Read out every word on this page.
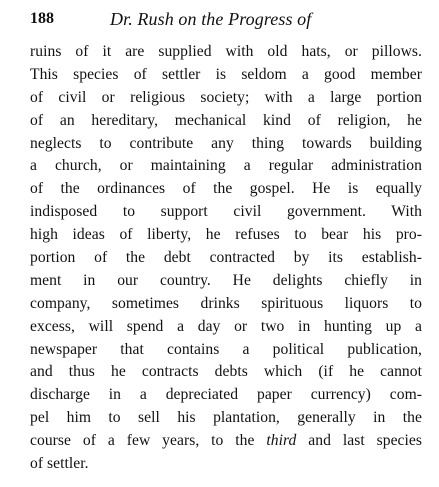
188	Dr. Rush on the Progress of
ruins of it are supplied with old hats, or pillows.
This species of settler is seldom a good member
of civil or religious society; with a large portion
of an hereditary, mechanical kind of religion, he
neglects to contribute any thing towards building
a church, or maintaining a regular administration
of the ordinances of the gospel. He is equally
indisposed to support civil government. With
high ideas of liberty, he refuses to bear his pro-
portion of the debt contracted by its establish-
ment in our country. He delights chiefly in
company, sometimes drinks spirituous liquors to
excess, will spend a day or two in hunting up a
newspaper that contains a political publication,
and thus he contracts debts which (if he cannot
discharge in a depreciated paper currency) com-
pel him to sell his plantation, generally in the
course of a few years, to the third and last species
of settler.
